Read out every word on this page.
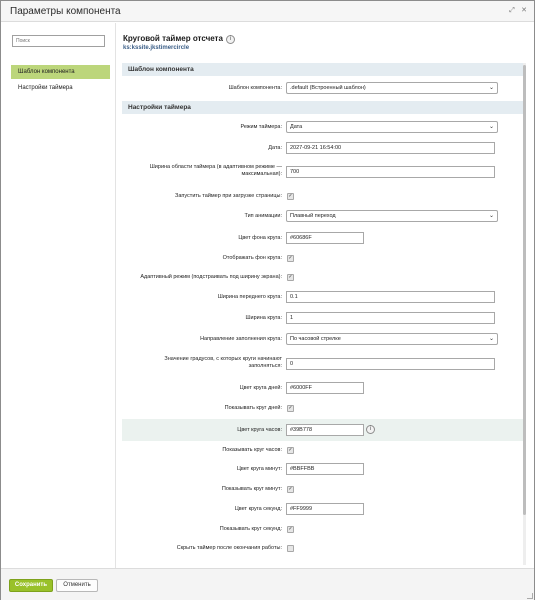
Параметры компонента	⤢ ✕
Поиск
Шаблон компонента
Настройки таймера
Круговой таймер отсчета	i
ks:kssite.jkstimercircle
Шаблон компонента
Шаблон компонента:	.default (Встроенный шаблон)	⌄
Настройки таймера
Режим таймера:	Дата	⌄
Дата:
2027-09-21 16:54:00
Ширина области таймера (в адаптивном режиме — максимальная):
700
Запустить таймер при загрузке страницы: ✓
Тип анимации:	Плавный переход	⌄
Цвет фона круга:
#60686F
Отображать фон круга: ✓
Адаптивный режим (подстраивать под ширину экрана): ✓
Ширина переднего круга:
0.1
Ширина круга:
1
Направление заполнения круга:	По часовой стрелке	⌄
Значение градусов, с которых круги начинают заполняться:
0
Цвет круга дней:
#6000FF
Показывать круг дней: ✓
Цвет круга часов:
#39B778	i
Показывать круг часов: ✓
Цвет круга минут:
#BBFFBB
Показывать круг минут: ✓
Цвет круга секунд:
#FF9999
Показывать круг секунд: ✓
Скрыть таймер после окончания работы:
Сохранить	Отменить
